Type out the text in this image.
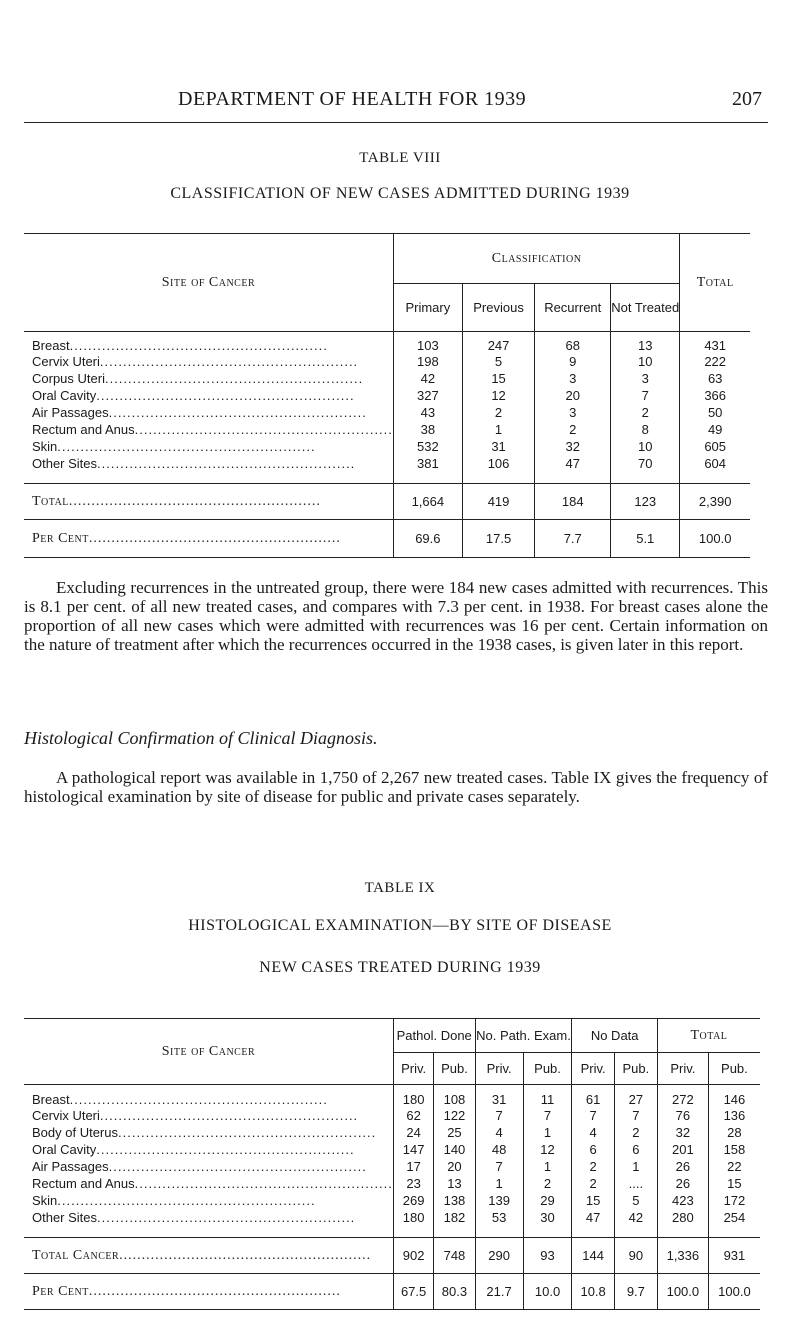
DEPARTMENT OF HEALTH FOR 1939	207
TABLE VIII
CLASSIFICATION OF NEW CASES ADMITTED DURING 1939
Site of Cancer	Classification				Total
	Primary	Previous	Recurrent	Not Treated	
Breast .....	103	247	68	13	431
Cervix Uteri .....	198	5	9	10	222
Corpus Uteri .....	42	15	3	3	63
Oral Cavity .....	327	12	20	7	366
Air Passages .....	43	2	3	2	50
Rectum and Anus .....	38	1	2	8	49
Skin .....	532	31	32	10	605
Other Sites .....	381	106	47	70	604

Total .....	1,664	419	184	123	2,390
Per Cent .....	69.6	17.5	7.7	5.1	100.0

Excluding recurrences in the untreated group, there were 184 new cases admitted with recurrences. This is 8.1 per cent. of all new treated cases, and compares with 7.3 per cent. in 1938. For breast cases alone the proportion of all new cases which were admitted with recurrences was 16 per cent. Certain information on the nature of treatment after which the recurrences occurred in the 1938 cases, is given later in this report.

Histological Confirmation of Clinical Diagnosis.

A pathological report was available in 1,750 of 2,267 new treated cases. Table IX gives the frequency of histological examination by site of disease for public and private cases separately.

TABLE IX
HISTOLOGICAL EXAMINATION—BY SITE OF DISEASE
NEW CASES TREATED DURING 1939
Site of Cancer	Pathol. Done		No. Path. Exam.		No Data		Total	
	Priv.	Pub.	Priv.	Pub.	Priv.	Pub.	Priv.	Pub.
Breast .....	180	108	31	11	61	27	272	146
Cervix Uteri .....	62	122	7	7	7	7	76	136
Body of Uterus .....	24	25	4	1	4	2	32	28
Oral Cavity .....	147	140	48	12	6	6	201	158
Air Passages .....	17	20	7	1	2	1	26	22
Rectum and Anus .....	23	13	1	2	2	....	26	15
Skin .....	269	138	139	29	15	5	423	172
Other Sites .....	180	182	53	30	47	42	280	254

Total Cancer .....	902	748	290	93	144	90	1,336	931
Per Cent .....	67.5	80.3	21.7	10.0	10.8	9.7	100.0	100.0
